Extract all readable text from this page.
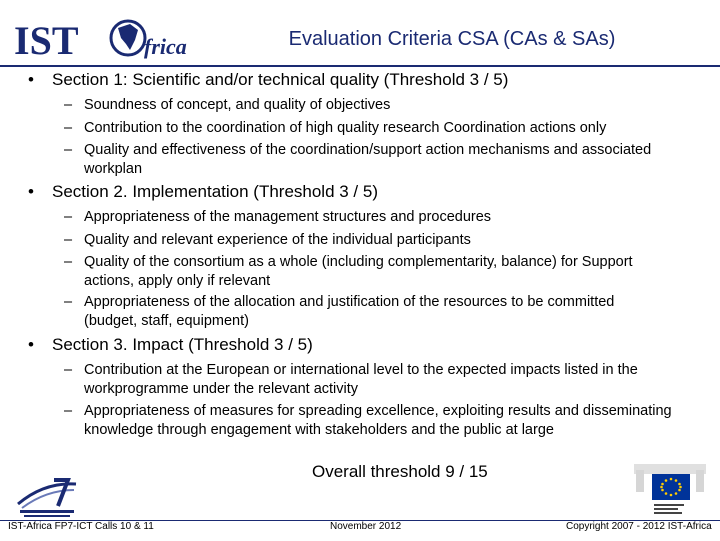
IST	frica	Evaluation Criteria CSA (CAs & SAs)
• Section 1: Scientific and/or technical quality (Threshold 3 / 5)
– Soundness of concept, and quality of objectives
– Contribution to the coordination of high quality research Coordination actions only
– Quality and effectiveness of the coordination/support action mechanisms and associated workplan
• Section 2. Implementation (Threshold 3 / 5)
– Appropriateness of the management structures and procedures
– Quality and relevant experience of the individual participants
– Quality of the consortium as a whole (including complementarity, balance) for Support actions, apply only if relevant
– Appropriateness of the allocation and justification of the resources to be committed (budget, staff, equipment)
• Section 3. Impact (Threshold 3 / 5)
– Contribution at the European or international level to the expected impacts listed in the workprogramme under the relevant activity
– Appropriateness of measures for spreading excellence, exploiting results and disseminating knowledge through engagement with stakeholders and the public at large
Overall threshold 9 / 15
IST-Africa FP7-ICT Calls 10 & 11	November 2012	Copyright 2007 - 2012 IST-Africa
